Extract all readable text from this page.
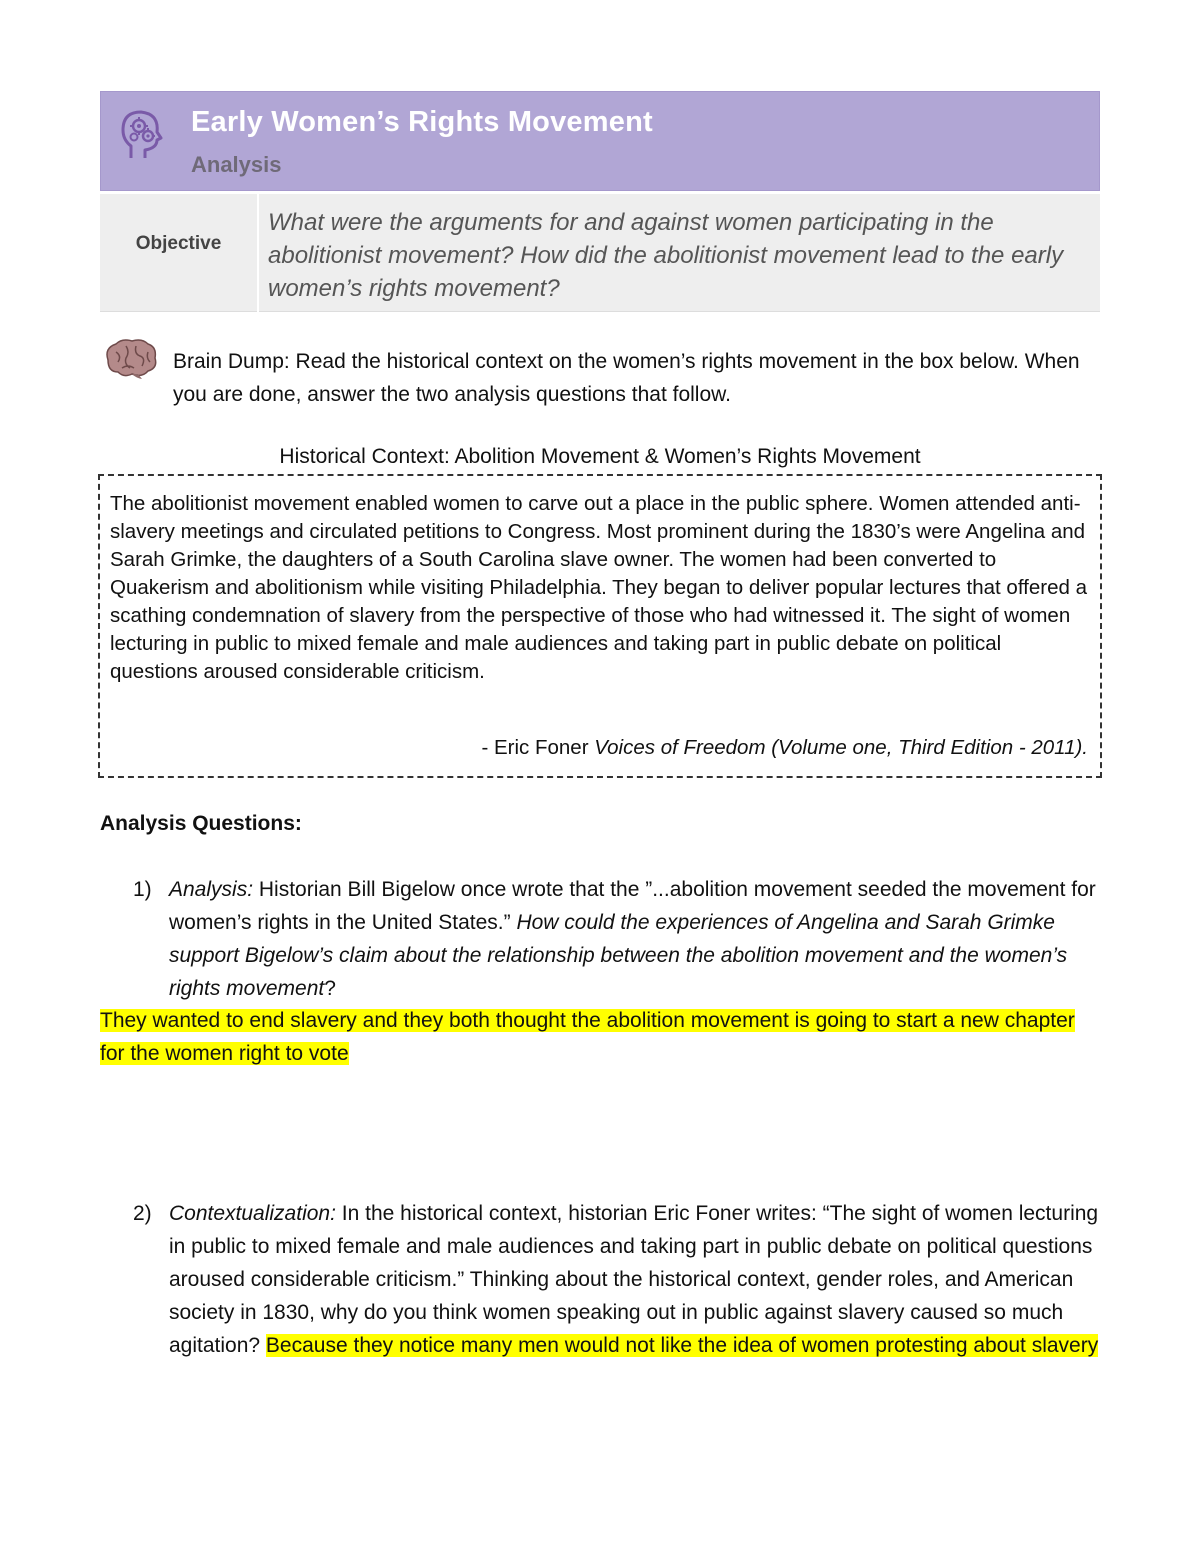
Early Women’s Rights Movement
Analysis
Objective
What were the arguments for and against women participating in the abolitionist movement? How did the abolitionist movement lead to the early women’s rights movement?
Brain Dump: Read the historical context on the women’s rights movement in the box below. When you are done, answer the two analysis questions that follow.
Historical Context: Abolition Movement & Women’s Rights Movement
The abolitionist movement enabled women to carve out a place in the public sphere. Women attended anti-slavery meetings and circulated petitions to Congress. Most prominent during the 1830’s were Angelina and Sarah Grimke, the daughters of a South Carolina slave owner. The women had been converted to Quakerism and abolitionism while visiting Philadelphia. They began to deliver popular lectures that offered a scathing condemnation of slavery from the perspective of those who had witnessed it. The sight of women lecturing in public to mixed female and male audiences and taking part in public debate on political questions aroused considerable criticism.
- Eric Foner Voices of Freedom (Volume one, Third Edition - 2011).
Analysis Questions:
1) Analysis: Historian Bill Bigelow once wrote that the ”...abolition movement seeded the movement for women’s rights in the United States.” How could the experiences of Angelina and Sarah Grimke support Bigelow’s claim about the relationship between the abolition movement and the women’s rights movement?
They wanted to end slavery and they both thought the abolition movement is going to start a new chapter for the women right to vote
2) Contextualization: In the historical context, historian Eric Foner writes: “The sight of women lecturing in public to mixed female and male audiences and taking part in public debate on political questions aroused considerable criticism.” Thinking about the historical context, gender roles, and American society in 1830, why do you think women speaking out in public against slavery caused so much agitation? Because they notice many men would not like the idea of women protesting about slavery
